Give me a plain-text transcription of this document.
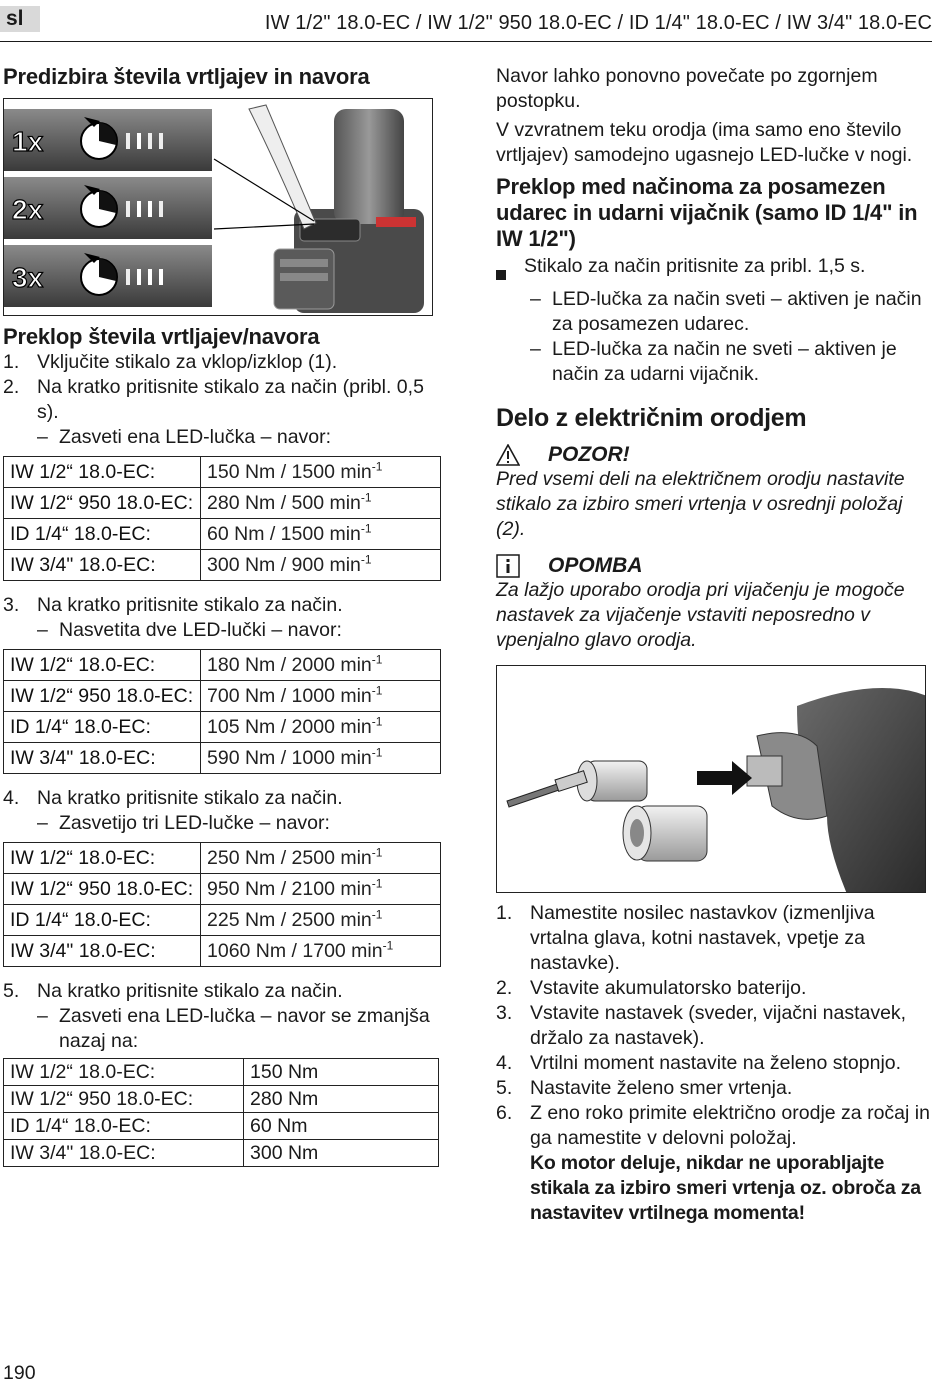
sl	IW 1/2" 18.0-EC / IW 1/2" 950 18.0-EC / ID 1/4" 18.0-EC / IW 3/4" 18.0-EC
Predizbira števila vrtljajev in navora
1x
2x
3x
Preklop števila vrtljajev/navora
1. Vključite stikalo za vklop/izklop (1).
2. Na kratko pritisnite stikalo za način (pribl. 0,5 s).
– Zasveti ena LED-lučka – navor:
IW 1/2“ 18.0-EC:	150 Nm / 1500 $\min^{-1}$
IW 1/2“ 950 18.0-EC:	280 Nm / 500 $\min^{-1}$
ID 1/4“ 18.0-EC:	60 Nm / 1500 $\min^{-1}$
IW 3/4" 18.0-EC:	300 Nm / 900 $\min^{-1}$
3. Na kratko pritisnite stikalo za način.
– Nasvetita dve LED-lučki – navor:
IW 1/2“ 18.0-EC:	180 Nm / 2000 $\min^{-1}$
IW 1/2“ 950 18.0-EC:	700 Nm / 1000 $\min^{-1}$
ID 1/4“ 18.0-EC:	105 Nm / 2000 $\min^{-1}$
IW 3/4" 18.0-EC:	590 Nm / 1000 $\min^{-1}$
4. Na kratko pritisnite stikalo za način.
– Zasvetijo tri LED-lučke – navor:
IW 1/2“ 18.0-EC:	250 Nm / 2500 $\min^{-1}$
IW 1/2“ 950 18.0-EC:	950 Nm / 2100 $\min^{-1}$
ID 1/4“ 18.0-EC:	225 Nm / 2500 $\min^{-1}$
IW 3/4" 18.0-EC:	1060 Nm / 1700 $\min^{-1}$
5. Na kratko pritisnite stikalo za način.
– Zasveti ena LED-lučka – navor se zmanjša nazaj na:
IW 1/2“ 18.0-EC:	150 Nm
IW 1/2“ 950 18.0-EC:	280 Nm
ID 1/4“ 18.0-EC:	60 Nm
IW 3/4" 18.0-EC:	300 Nm

Navor lahko ponovno povečate po zgornjem postopku.

V vzvratnem teku orodja (ima samo eno število vrtljajev) samodejno ugasnejo LED-lučke v nogi.

Preklop med načinoma za posamezen udarec in udarni vijačnik (samo ID 1/4" in IW 1/2")
Stikalo za način pritisnite za pribl. 1,5 s.
– LED-lučka za način sveti – aktiven je način za posamezen udarec.
– LED-lučka za način ne sveti – aktiven je način za udarni vijačnik.
Delo z električnim orodjem
POZOR!
Pred vsemi deli na električnem orodju nastavite stikalo za izbiro smeri vrtenja v osrednji položaj (2).
OPOMBA
Za lažjo uporabo orodja pri vijačenju je mogoče nastavek za vijačenje vstaviti neposredno v vpenjalno glavo orodja.
1. Namestite nosilec nastavkov (izmenljiva vrtalna glava, kotni nastavek, vpetje za nastavke).
2. Vstavite akumulatorsko baterijo.
3. Vstavite nastavek (sveder, vijačni nastavek, držalo za nastavek).
4. Vrtilni moment nastavite na želeno stopnjo.
5. Nastavite želeno smer vrtenja.
6. Z eno roko primite električno orodje za ročaj in ga namestite v delovni položaj.
Ko motor deluje, nikdar ne uporabljajte stikala za izbiro smeri vrtenja oz. obroča za nastavitev vrtilnega momenta!
190
